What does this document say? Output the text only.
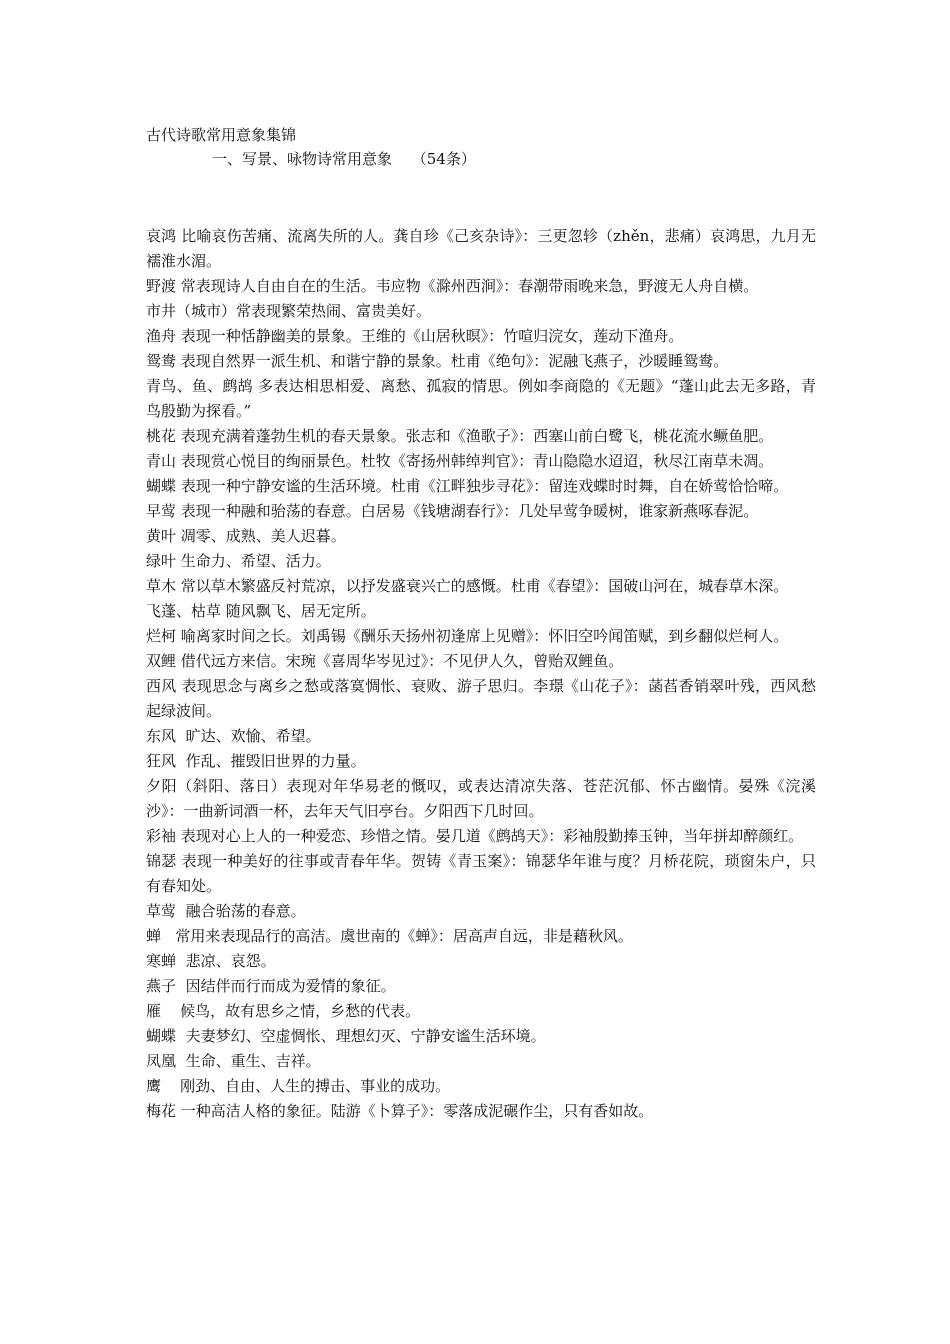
古代诗歌常用意象集锦
一、写景、咏物诗常用意象　 （54条）
哀鸿 比喻哀伤苦痛、流离失所的人。龚自珍《己亥杂诗》：三更忽轸（zhěn，悲痛）哀鸿思，九月无襦淮水湄。
野渡 常表现诗人自由自在的生活。韦应物《滁州西涧》：春潮带雨晚来急，野渡无人舟自横。
市井（城市）常表现繁荣热闹、富贵美好。
渔舟 表现一种恬静幽美的景象。王维的《山居秋暝》：竹喧归浣女，莲动下渔舟。
鸳鸯 表现自然界一派生机、和谐宁静的景象。杜甫《绝句》：泥融飞燕子，沙暖睡鸳鸯。
青鸟、鱼、鹧鸪 多表达相思相爱、离愁、孤寂的情思。例如李商隐的《无题》“蓬山此去无多路，青鸟殷勤为探看。”
桃花 表现充满着蓬勃生机的春天景象。张志和《渔歌子》：西塞山前白鹭飞，桃花流水鳜鱼肥。
青山 表现赏心悦目的绚丽景色。杜牧《寄扬州韩绰判官》：青山隐隐水迢迢，秋尽江南草未凋。
蝴蝶 表现一种宁静安谧的生活环境。杜甫《江畔独步寻花》：留连戏蝶时时舞，自在娇莺恰恰啼。
早莺 表现一种融和骀荡的春意。白居易《钱塘湖春行》：几处早莺争暖树，谁家新燕啄春泥。
黄叶 凋零、成熟、美人迟暮。
绿叶 生命力、希望、活力。
草木 常以草木繁盛反衬荒凉，以抒发盛衰兴亡的感慨。杜甫《春望》：国破山河在，城春草木深。
飞蓬、枯草 随风飘飞、居无定所。
烂柯 喻离家时间之长。刘禹锡《酬乐天扬州初逢席上见赠》：怀旧空吟闻笛赋，到乡翻似烂柯人。
双鲤 借代远方来信。宋琬《喜周华岑见过》：不见伊人久，曾贻双鲤鱼。
西风 表现思念与离乡之愁或落寞惆怅、衰败、游子思归。李璟《山花子》：菡萏香销翠叶残，西风愁起绿波间。
东风 旷达、欢愉、希望。
狂风 作乱、摧毁旧世界的力量。
夕阳（斜阳、落日）表现对年华易老的慨叹，或表达清凉失落、苍茫沉郁、怀古幽情。晏殊《浣溪沙》：一曲新词酒一杯，去年天气旧亭台。夕阳西下几时回。
彩袖 表现对心上人的一种爱恋、珍惜之情。晏几道《鹧鸪天》：彩袖殷勤捧玉钟，当年拼却醉颜红。
锦瑟 表现一种美好的往事或青春年华。贺铸《青玉案》：锦瑟华年谁与度？月桥花院，琐窗朱户，只有春知处。
草莺 融合骀荡的春意。
蝉 常用来表现品行的高洁。虞世南的《蝉》：居高声自远，非是藉秋风。
寒蝉 悲凉、哀怨。
燕子 因结伴而行而成为爱情的象征。
雁 候鸟，故有思乡之情，乡愁的代表。
蝴蝶 夫妻梦幻、空虚惆怅、理想幻灭、宁静安谧生活环境。
凤凰 生命、重生、吉祥。
鹰 刚劲、自由、人生的搏击、事业的成功。
梅花 一种高洁人格的象征。陆游《卜算子》：零落成泥碾作尘，只有香如故。
